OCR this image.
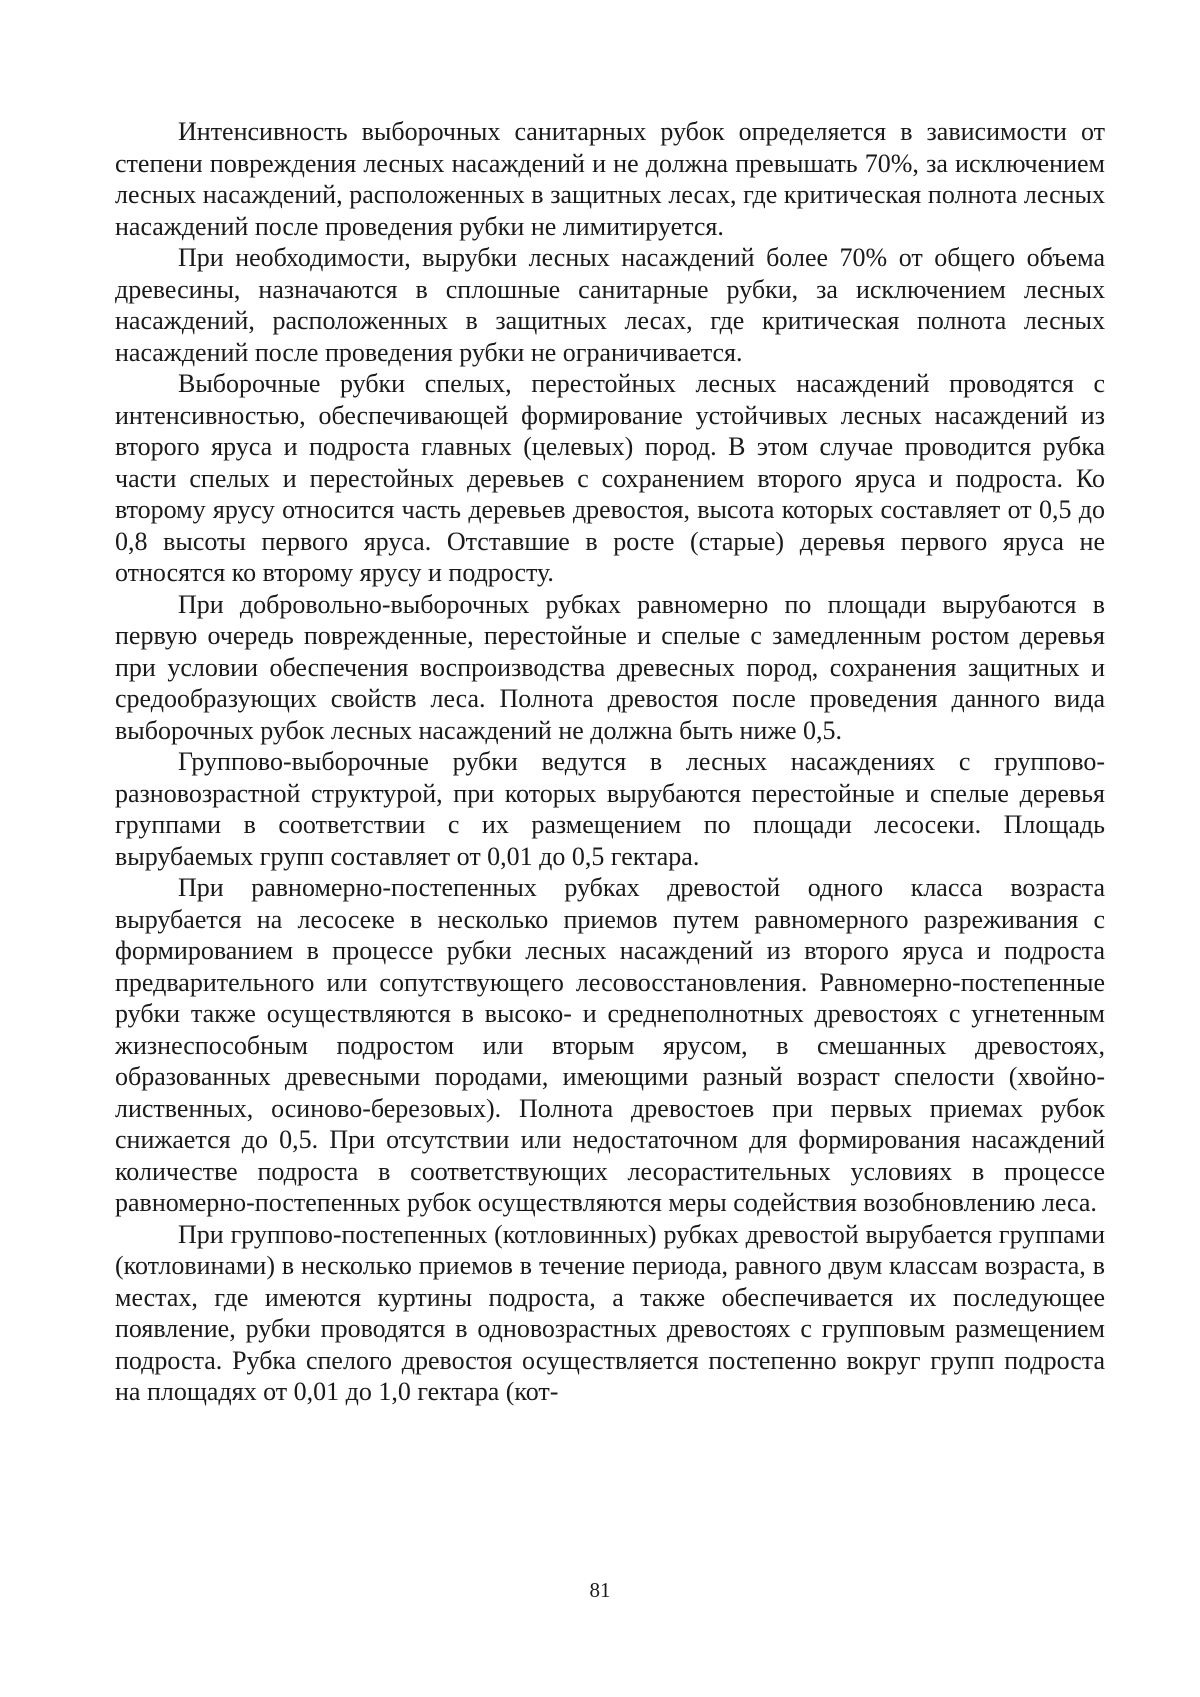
Интенсивность выборочных санитарных рубок определяется в зависимости от степени повреждения лесных насаждений и не должна превышать 70%, за исключением лесных насаждений, расположенных в защитных лесах, где критическая полнота лесных насаждений после проведения рубки не лимитируется.

При необходимости, вырубки лесных насаждений более 70% от общего объема древесины, назначаются в сплошные санитарные рубки, за исключением лесных насаждений, расположенных в защитных лесах, где критическая полнота лесных насаждений после проведения рубки не ограничивается.

Выборочные рубки спелых, перестойных лесных насаждений проводятся с интенсивностью, обеспечивающей формирование устойчивых лесных насаждений из второго яруса и подроста главных (целевых) пород. В этом случае проводится рубка части спелых и перестойных деревьев с сохранением второго яруса и подроста. Ко второму ярусу относится часть деревьев древостоя, высота которых составляет от 0,5 до 0,8 высоты первого яруса. Отставшие в росте (старые) деревья первого яруса не относятся ко второму ярусу и подросту.

При добровольно-выборочных рубках равномерно по площади вырубаются в первую очередь поврежденные, перестойные и спелые с замедленным ростом деревья при условии обеспечения воспроизводства древесных пород, сохранения защитных и средообразующих свойств леса. Полнота древостоя после проведения данного вида выборочных рубок лесных насаждений не должна быть ниже 0,5.

Группово-выборочные рубки ведутся в лесных насаждениях с группово-разновозрастной структурой, при которых вырубаются перестойные и спелые деревья группами в соответствии с их размещением по площади лесосеки. Площадь вырубаемых групп составляет от 0,01 до 0,5 гектара.

При равномерно-постепенных рубках древостой одного класса возраста вырубается на лесосеке в несколько приемов путем равномерного разреживания с формированием в процессе рубки лесных насаждений из второго яруса и подроста предварительного или сопутствующего лесовосстановления. Равномерно-постепенные рубки также осуществляются в высоко- и среднеполнотных древостоях с угнетенным жизнеспособным подростом или вторым ярусом, в смешанных древостоях, образованных древесными породами, имеющими разный возраст спелости (хвойно-лиственных, осиново-березовых). Полнота древостоев при первых приемах рубок снижается до 0,5. При отсутствии или недостаточном для формирования насаждений количестве подроста в соответствующих лесорастительных условиях в процессе равномерно-постепенных рубок осуществляются меры содействия возобновлению леса.

При группово-постепенных (котловинных) рубках древостой вырубается группами (котловинами) в несколько приемов в течение периода, равного двум классам возраста, в местах, где имеются куртины подроста, а также обеспечивается их последующее появление, рубки проводятся в одновозрастных древостоях с групповым размещением подроста. Рубка спелого древостоя осуществляется постепенно вокруг групп подроста на площадях от 0,01 до 1,0 гектара (кот-

81
